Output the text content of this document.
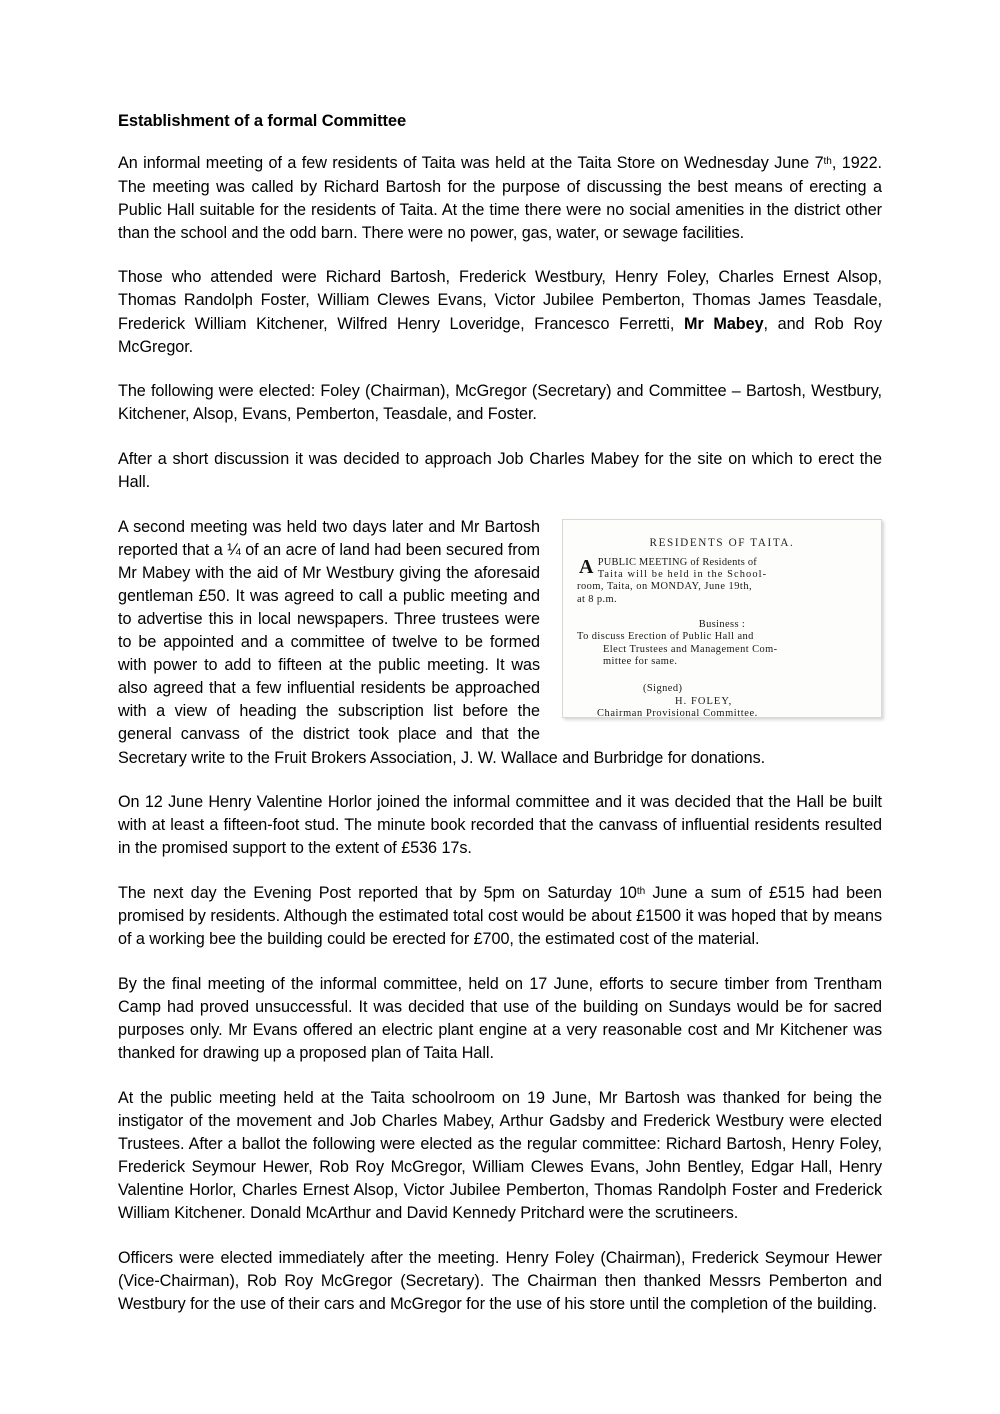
Establishment of a formal Committee

An informal meeting of a few residents of Taita was held at the Taita Store on Wednesday June 7th, 1922. The meeting was called by Richard Bartosh for the purpose of discussing the best means of erecting a Public Hall suitable for the residents of Taita. At the time there were no social amenities in the district other than the school and the odd barn. There were no power, gas, water, or sewage facilities.

Those who attended were Richard Bartosh, Frederick Westbury, Henry Foley, Charles Ernest Alsop, Thomas Randolph Foster, William Clewes Evans, Victor Jubilee Pemberton, Thomas James Teasdale, Frederick William Kitchener, Wilfred Henry Loveridge, Francesco Ferretti, Mr Mabey, and Rob Roy McGregor.

The following were elected: Foley (Chairman), McGregor (Secretary) and Committee – Bartosh, Westbury, Kitchener, Alsop, Evans, Pemberton, Teasdale, and Foster.

After a short discussion it was decided to approach Job Charles Mabey for the site on which to erect the Hall.

RESIDENTS OF TAITA.
APUBLIC MEETING of Residents of
Taita will be held in the School-
room, Taita, on MONDAY, June 19th,
at 8 p.m.
Business :
To discuss Erection of Public Hall and
Elect Trustees and Management Com-
mittee for same.
(Signed)
H. FOLEY,
Chairman Provisional Committee.

A second meeting was held two days later and Mr Bartosh reported that a ¼ of an acre of land had been secured from Mr Mabey with the aid of Mr Westbury giving the aforesaid gentleman £50. It was agreed to call a public meeting and to advertise this in local newspapers. Three trustees were to be appointed and a committee of twelve to be formed with power to add to fifteen at the public meeting. It was also agreed that a few influential residents be approached with a view of heading the subscription list before the general canvass of the district took place and that the Secretary write to the Fruit Brokers Association, J. W. Wallace and Burbridge for donations.

On 12 June Henry Valentine Horlor joined the informal committee and it was decided that the Hall be built with at least a fifteen-foot stud. The minute book recorded that the canvass of influential residents resulted in the promised support to the extent of £536 17s.

The next day the Evening Post reported that by 5pm on Saturday 10th June a sum of £515 had been promised by residents. Although the estimated total cost would be about £1500 it was hoped that by means of a working bee the building could be erected for £700, the estimated cost of the material.

By the final meeting of the informal committee, held on 17 June, efforts to secure timber from Trentham Camp had proved unsuccessful. It was decided that use of the building on Sundays would be for sacred purposes only. Mr Evans offered an electric plant engine at a very reasonable cost and Mr Kitchener was thanked for drawing up a proposed plan of Taita Hall.

At the public meeting held at the Taita schoolroom on 19 June, Mr Bartosh was thanked for being the instigator of the movement and Job Charles Mabey, Arthur Gadsby and Frederick Westbury were elected Trustees. After a ballot the following were elected as the regular committee: Richard Bartosh, Henry Foley, Frederick Seymour Hewer, Rob Roy McGregor, William Clewes Evans, John Bentley, Edgar Hall, Henry Valentine Horlor, Charles Ernest Alsop, Victor Jubilee Pemberton, Thomas Randolph Foster and Frederick William Kitchener. Donald McArthur and David Kennedy Pritchard were the scrutineers.

Officers were elected immediately after the meeting. Henry Foley (Chairman), Frederick Seymour Hewer (Vice-Chairman), Rob Roy McGregor (Secretary). The Chairman then thanked Messrs Pemberton and Westbury for the use of their cars and McGregor for the use of his store until the completion of the building.
